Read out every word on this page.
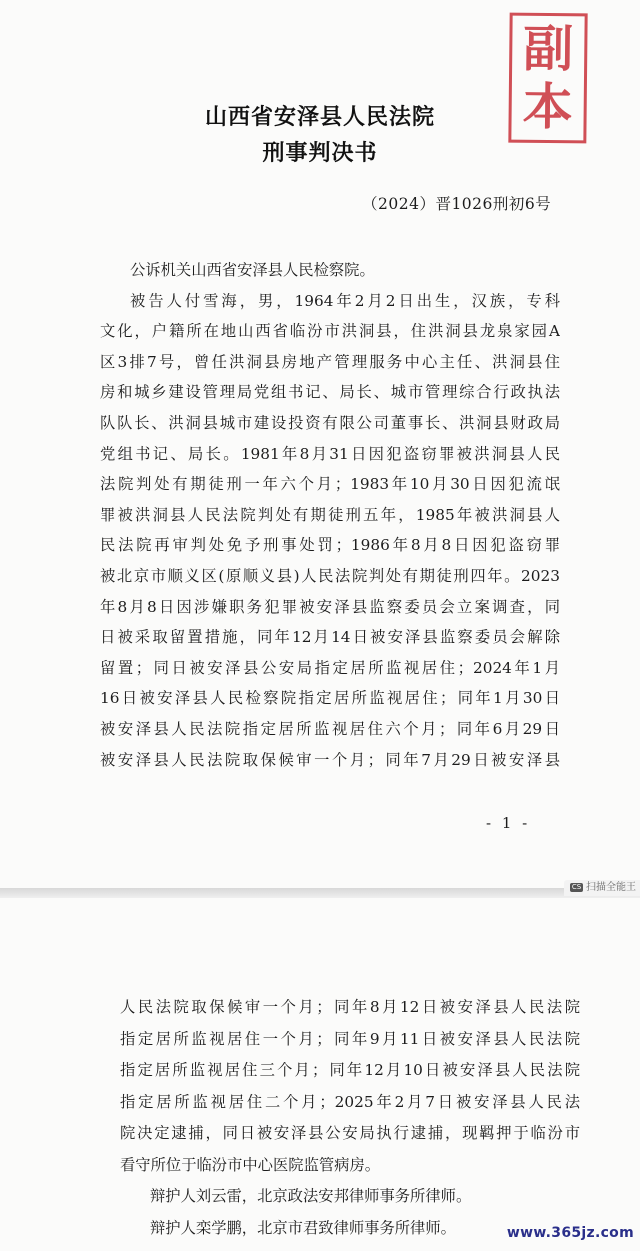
副
本
山西省安泽县人民法院
刑事判决书
（2024）晋1026刑初6号
公诉机关山西省安泽县人民检察院。
被告人付雪海，男，1964年2月2日出生，汉族，专科
文化，户籍所在地山西省临汾市洪洞县，住洪洞县龙泉家园A
区3排7号，曾任洪洞县房地产管理服务中心主任、洪洞县住
房和城乡建设管理局党组书记、局长、城市管理综合行政执法
队队长、洪洞县城市建设投资有限公司董事长、洪洞县财政局
党组书记、局长。1981年8月31日因犯盗窃罪被洪洞县人民
法院判处有期徒刑一年六个月；1983年10月30日因犯流氓
罪被洪洞县人民法院判处有期徒刑五年，1985年被洪洞县人
民法院再审判处免予刑事处罚；1986年8月8日因犯盗窃罪
被北京市顺义区(原顺义县)人民法院判处有期徒刑四年。2023
年8月8日因涉嫌职务犯罪被安泽县监察委员会立案调查，同
日被采取留置措施，同年12月14日被安泽县监察委员会解除
留置；同日被安泽县公安局指定居所监视居住；2024年1月
16日被安泽县人民检察院指定居所监视居住；同年1月30日
被安泽县人民法院指定居所监视居住六个月；同年6月29日
被安泽县人民法院取保候审一个月；同年7月29日被安泽县
- 1 -
CS 扫描全能王
人民法院取保候审一个月；同年8月12日被安泽县人民法院
指定居所监视居住一个月；同年9月11日被安泽县人民法院
指定居所监视居住三个月；同年12月10日被安泽县人民法院
指定居所监视居住二个月；2025年2月7日被安泽县人民法
院决定逮捕，同日被安泽县公安局执行逮捕，现羁押于临汾市
看守所位于临汾市中心医院监管病房。
辩护人刘云雷，北京政法安邦律师事务所律师。
辩护人栾学鹏，北京市君致律师事务所律师。	www.365jz.com
